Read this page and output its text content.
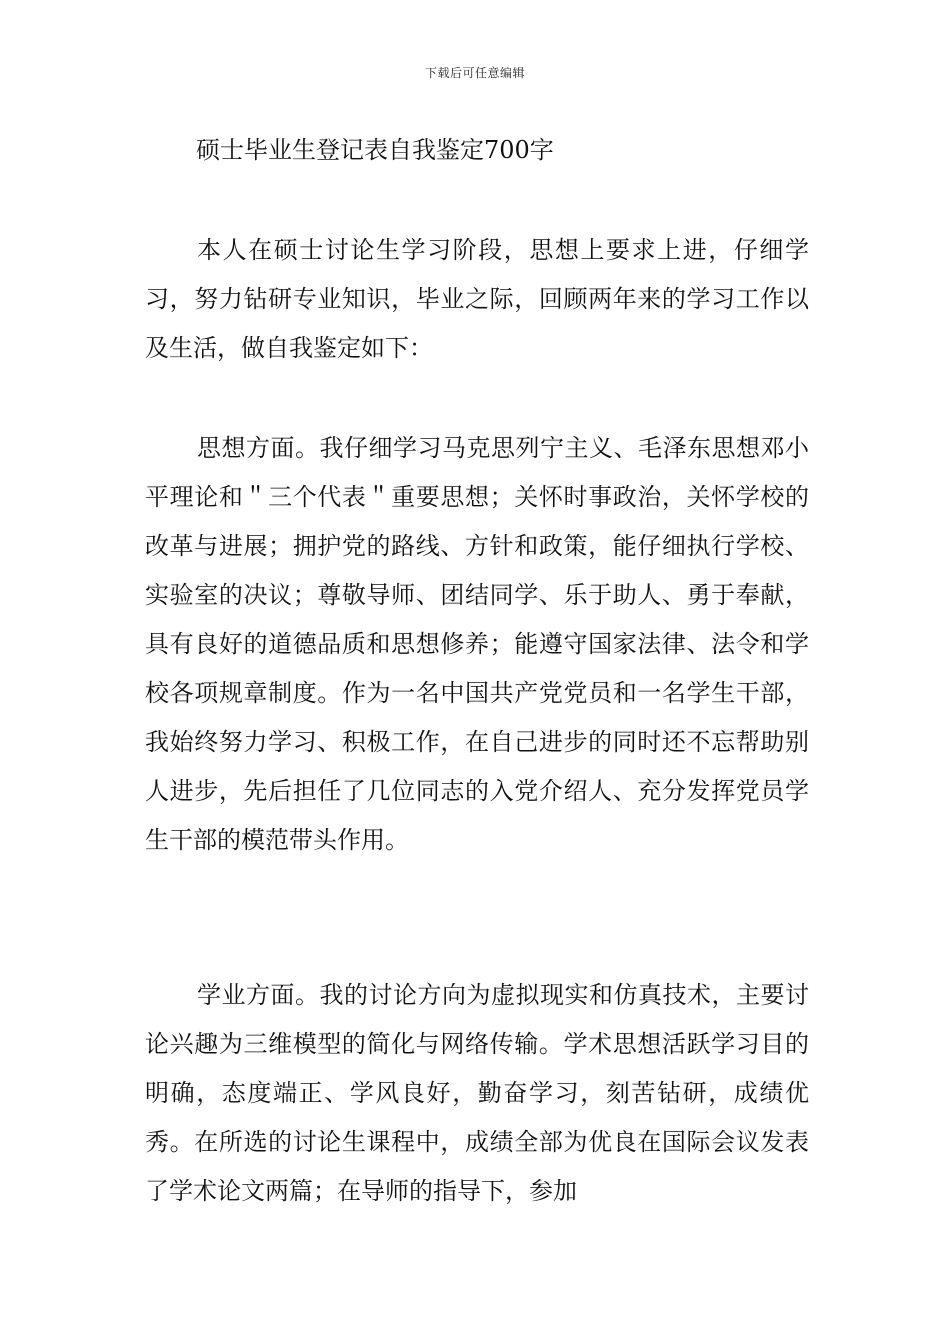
下载后可任意编辑
硕士毕业生登记表自我鉴定700字

本人在硕士讨论生学习阶段，思想上要求上进，仔细学习，努力钻研专业知识，毕业之际，回顾两年来的学习工作以及生活，做自我鉴定如下：

思想方面。我仔细学习马克思列宁主义、毛泽东思想邓小平理论和＂三个代表＂重要思想；关怀时事政治，关怀学校的改革与进展；拥护党的路线、方针和政策，能仔细执行学校、实验室的决议；尊敬导师、团结同学、乐于助人、勇于奉献，具有良好的道德品质和思想修养；能遵守国家法律、法令和学校各项规章制度。作为一名中国共产党党员和一名学生干部，我始终努力学习、积极工作，在自己进步的同时还不忘帮助别人进步，先后担任了几位同志的入党介绍人、充分发挥党员学生干部的模范带头作用。

学业方面。我的讨论方向为虚拟现实和仿真技术，主要讨论兴趣为三维模型的简化与网络传输。学术思想活跃学习目的明确，态度端正、学风良好，勤奋学习，刻苦钻研，成绩优秀。在所选的讨论生课程中，成绩全部为优良在国际会议发表了学术论文两篇；在导师的指导下，参加
